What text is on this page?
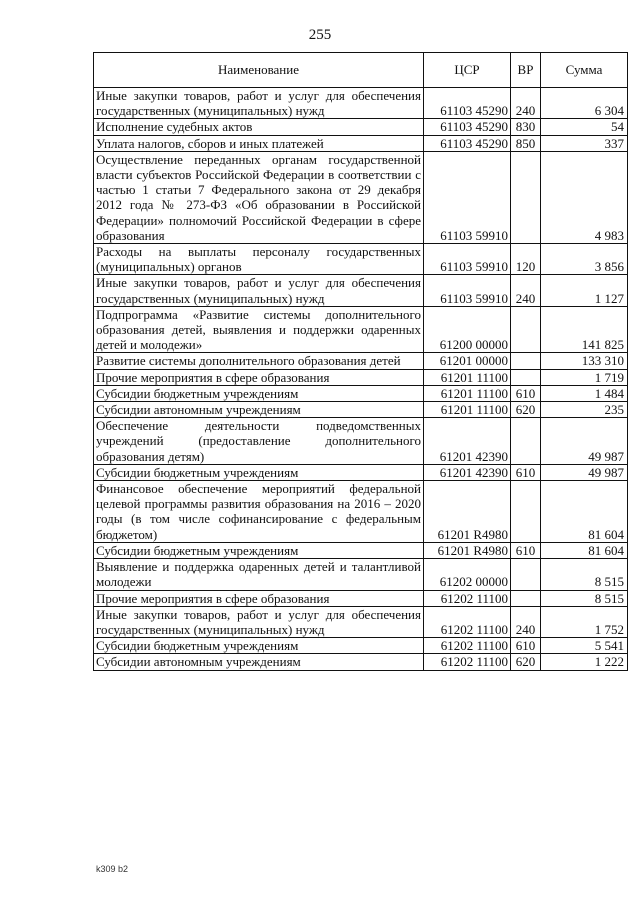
255
Наименование	ЦСР	ВР	Сумма
Иные закупки товаров, работ и услуг для обеспечения государственных (муниципальных) нужд	61103 45290	240	6 304
Исполнение судебных актов	61103 45290	830	54
Уплата налогов, сборов и иных платежей	61103 45290	850	337
Осуществление переданных органам государственной власти субъектов Российской Федерации в соответствии с частью 1 статьи 7 Федерального закона от 29 декабря 2012 года № 273-ФЗ «Об образовании в Российской Федерации» полномочий Российской Федерации в сфере образования	61103 59910		4 983
Расходы на выплаты персоналу государственных (муниципальных) органов	61103 59910	120	3 856
Иные закупки товаров, работ и услуг для обеспечения государственных (муниципальных) нужд	61103 59910	240	1 127
Подпрограмма «Развитие системы дополнительного образования детей, выявления и поддержки одаренных детей и молодежи»	61200 00000		141 825
Развитие системы дополнительного образования детей	61201 00000		133 310
Прочие мероприятия в сфере образования	61201 11100		1 719
Субсидии бюджетным учреждениям	61201 11100	610	1 484
Субсидии автономным учреждениям	61201 11100	620	235
Обеспечение деятельности подведомственных учреждений (предоставление дополнительного образования детям)	61201 42390		49 987
Субсидии бюджетным учреждениям	61201 42390	610	49 987
Финансовое обеспечение мероприятий федеральной целевой программы развития образования на 2016 – 2020 годы (в том числе софинансирование с федеральным бюджетом)	61201 R4980		81 604
Субсидии бюджетным учреждениям	61201 R4980	610	81 604
Выявление и поддержка одаренных детей и талантливой молодежи	61202 00000		8 515
Прочие мероприятия в сфере образования	61202 11100		8 515
Иные закупки товаров, работ и услуг для обеспечения государственных (муниципальных) нужд	61202 11100	240	1 752
Субсидии бюджетным учреждениям	61202 11100	610	5 541
Субсидии автономным учреждениям	61202 11100	620	1 222
k309 b2
